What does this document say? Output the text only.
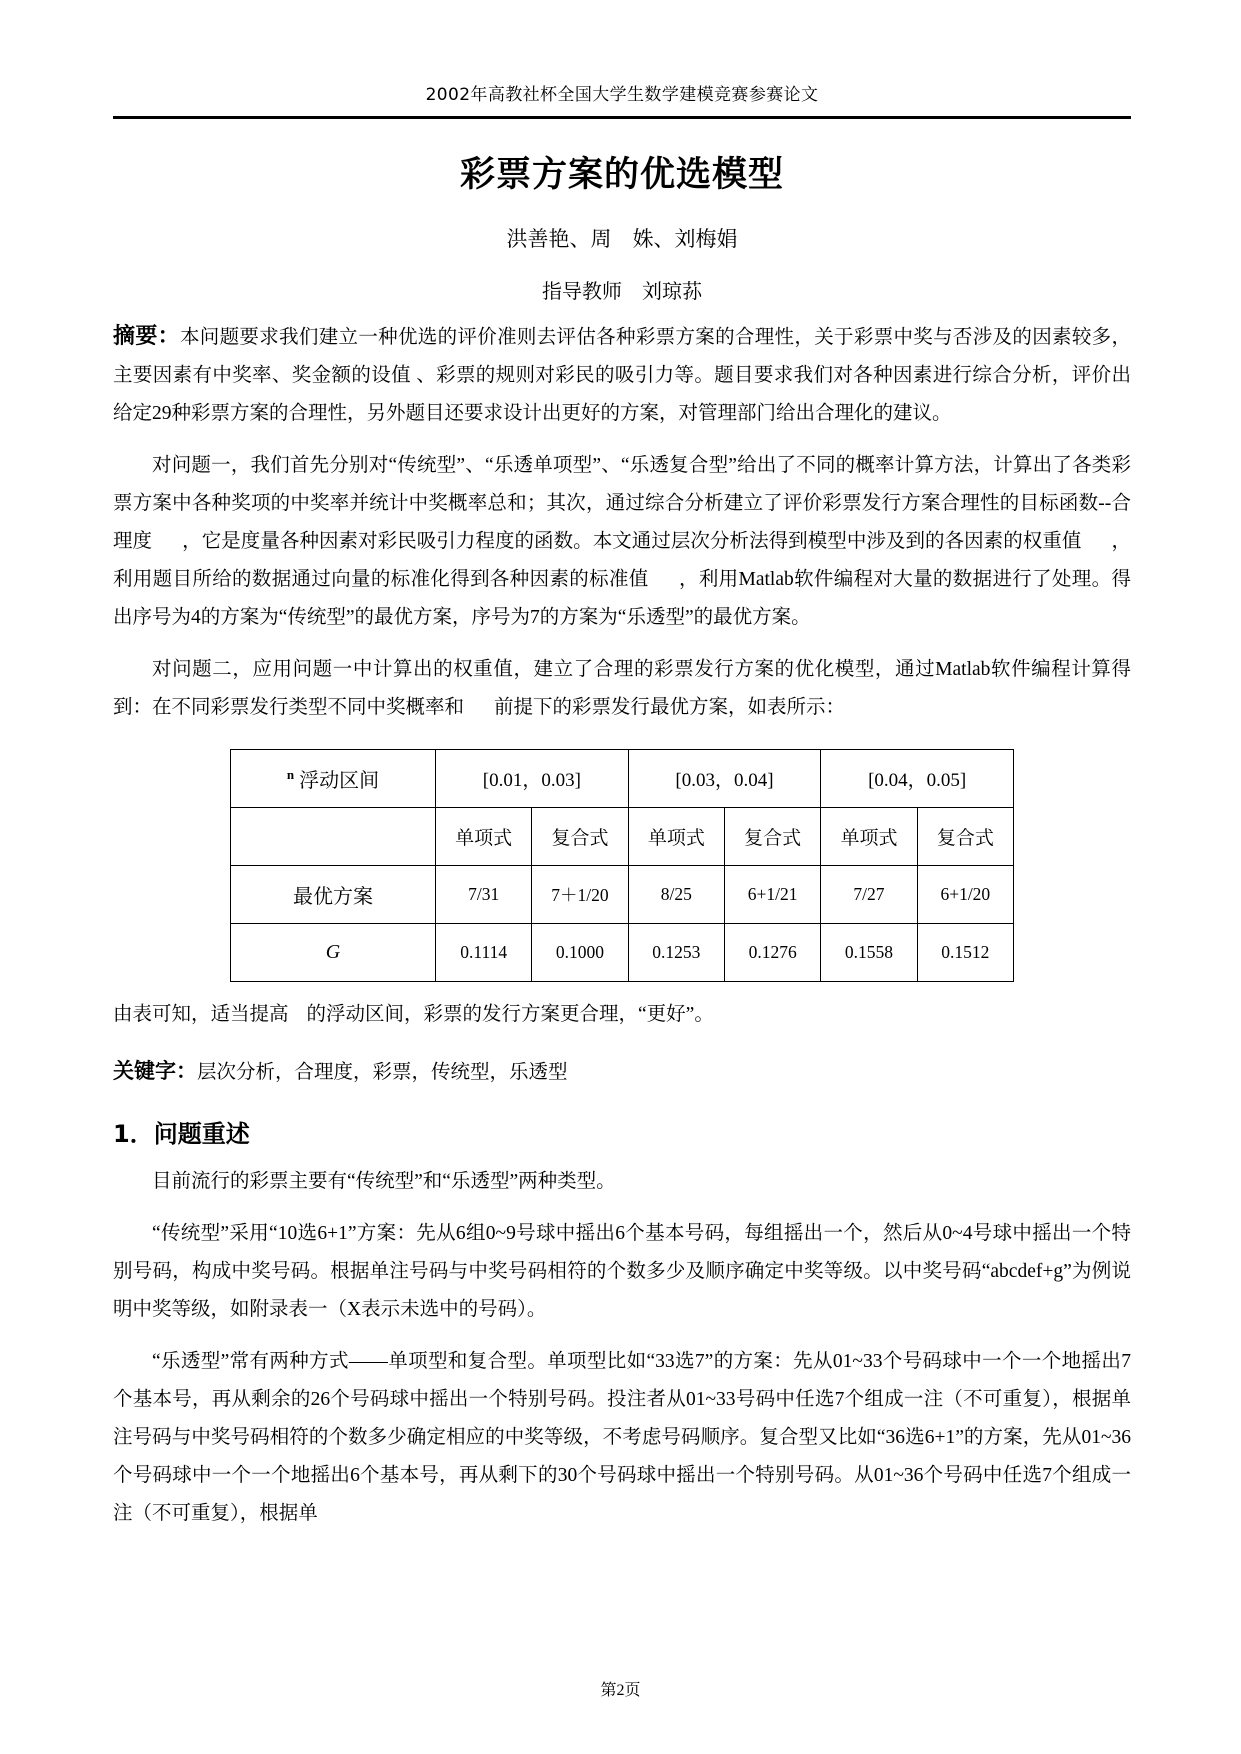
2002年高教社杯全国大学生数学建模竞赛参赛论文
彩票方案的优选模型
洪善艳、周　姝、刘梅娟
指导教师　刘琼荪

摘要：本问题要求我们建立一种优选的评价准则去评估各种彩票方案的合理性，关于彩票中奖与否涉及的因素较多，主要因素有中奖率、奖金额的设值 、彩票的规则对彩民的吸引力等。题目要求我们对各种因素进行综合分析，评价出给定29种彩票方案的合理性，另外题目还要求设计出更好的方案，对管理部门给出合理化的建议。

对问题一，我们首先分别对“传统型”、“乐透单项型”、“乐透复合型”给出了不同的概率计算方法，计算出了各类彩票方案中各种奖项的中奖率并统计中奖概率总和；其次，通过综合分析建立了评价彩票发行方案合理性的目标函数--合理度 ，它是度量各种因素对彩民吸引力程度的函数。本文通过层次分析法得到模型中涉及到的各因素的权重值 ，利用题目所给的数据通过向量的标准化得到各种因素的标准值 ，利用Matlab软件编程对大量的数据进行了处理。得出序号为4的方案为“传统型”的最优方案，序号为7的方案为“乐透型”的最优方案。

对问题二，应用问题一中计算出的权重值，建立了合理的彩票发行方案的优化模型，通过Matlab软件编程计算得到：在不同彩票发行类型不同中奖概率和 前提下的彩票发行最优方案，如表所示：

$^n$ 浮动区间	[0.01，0.03]		[0.03，0.04]		[0.04，0.05]	
	单项式	复合式	单项式	复合式	单项式	复合式
最优方案	7/31	7＋1/20	8/25	6+1/21	7/27	6+1/20
G	0.1114	0.1000	0.1253	0.1276	0.1558	0.1512

由表可知，适当提高 的浮动区间，彩票的发行方案更合理，“更好”。

关键字：层次分析，合理度，彩票，传统型，乐透型

1．问题重述

目前流行的彩票主要有“传统型”和“乐透型”两种类型。

“传统型”采用“10选6+1”方案：先从6组0~9号球中摇出6个基本号码，每组摇出一个，然后从0~4号球中摇出一个特别号码，构成中奖号码。根据单注号码与中奖号码相符的个数多少及顺序确定中奖等级。以中奖号码“abcdef+g”为例说明中奖等级，如附录表一（X表示未选中的号码）。

“乐透型”常有两种方式——单项型和复合型。单项型比如“33选7”的方案：先从01~33个号码球中一个一个地摇出7个基本号，再从剩余的26个号码球中摇出一个特别号码。投注者从01~33号码中任选7个组成一注（不可重复），根据单注号码与中奖号码相符的个数多少确定相应的中奖等级，不考虑号码顺序。复合型又比如“36选6+1”的方案，先从01~36个号码球中一个一个地摇出6个基本号，再从剩下的30个号码球中摇出一个特别号码。从01~36个号码中任选7个组成一注（不可重复），根据单

第2页
